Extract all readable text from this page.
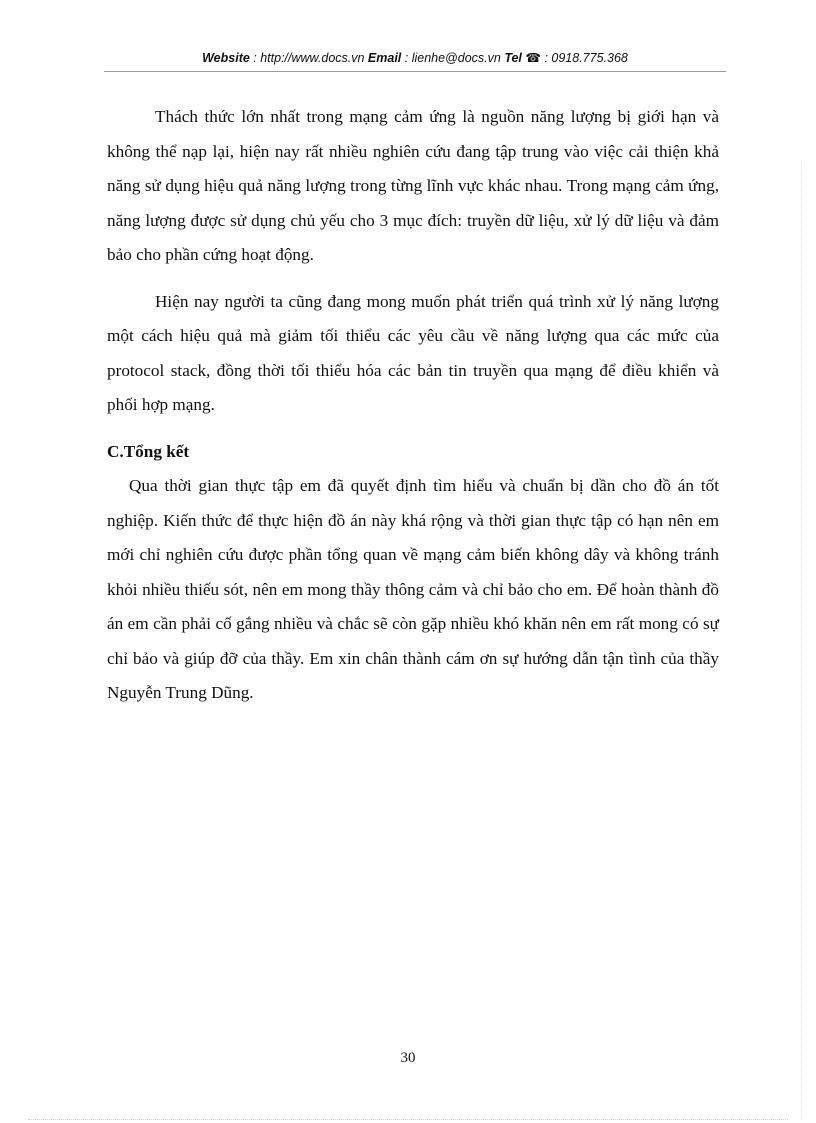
Website : http://www.docs.vn Email : lienhe@docs.vn Tel ☎ : 0918.775.368

Thách thức lớn nhất trong mạng cảm ứng là nguồn năng lượng bị giới hạn và không thể nạp lại, hiện nay rất nhiều nghiên cứu đang tập trung vào việc cải thiện khả năng sử dụng hiệu quả năng lượng trong từng lĩnh vực khác nhau. Trong mạng cảm ứng, năng lượng được sử dụng chủ yếu cho 3 mục đích: truyền dữ liệu, xử lý dữ liệu và đảm bảo cho phần cứng hoạt động.

Hiện nay người ta cũng đang mong muốn phát triển quá trình xử lý năng lượng một cách hiệu quả mà giảm tối thiểu các yêu cầu về năng lượng qua các mức của protocol stack, đồng thời tối thiểu hóa các bản tin truyền qua mạng để điều khiển và phối hợp mạng.

C.Tổng kết

Qua thời gian thực tập em đã quyết định tìm hiểu và chuẩn bị dần cho đồ án tốt nghiệp. Kiến thức để thực hiện đồ án này khá rộng và thời gian thực tập có hạn nên em mới chỉ nghiên cứu được phần tổng quan về mạng cảm biến không dây và không tránh khỏi nhiều thiếu sót, nên em mong thầy thông cảm và chỉ bảo cho em. Để hoàn thành đồ án em cần phải cố gắng nhiều và chắc sẽ còn gặp nhiều khó khăn nên em rất mong có sự chỉ bảo và giúp đỡ của thầy. Em xin chân thành cám ơn sự hướng dẫn tận tình của thầy Nguyễn Trung Dũng.

30
